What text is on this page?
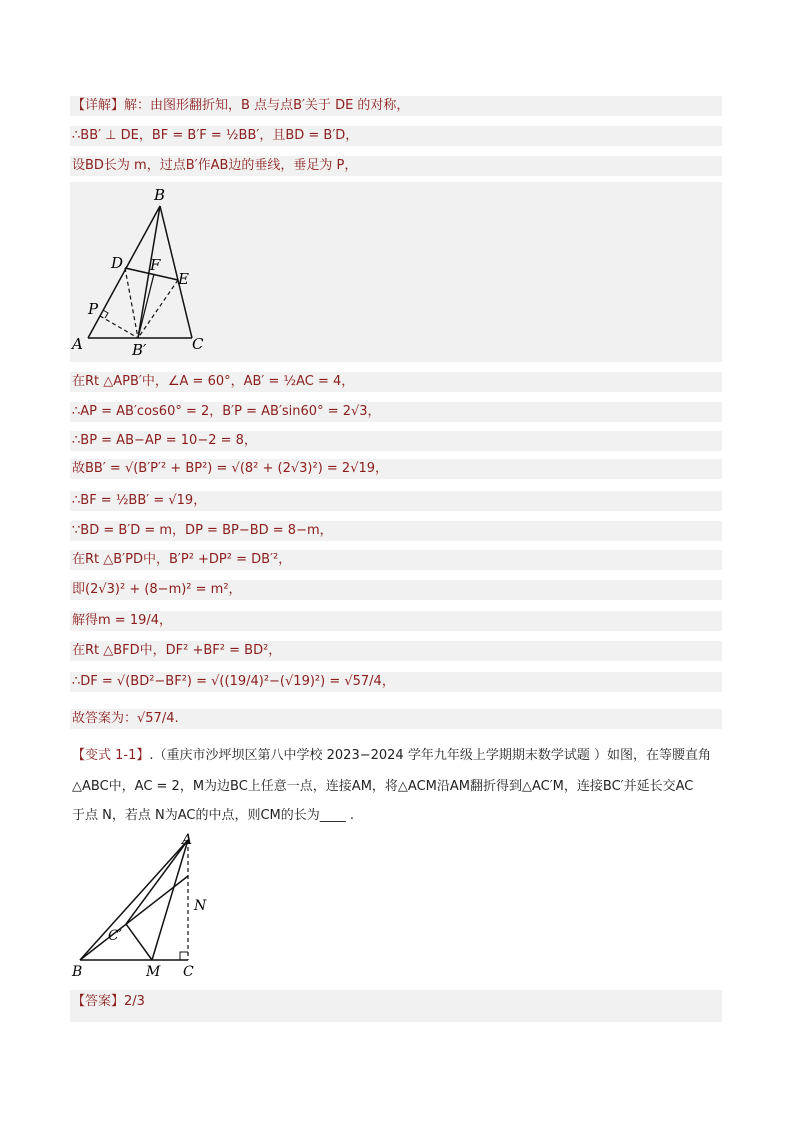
【详解】解：由图形翻折知，B 点与点B′关于 DE 的对称，
∴BB′ ⊥ DE，BF = B′F = ½BB′，且BD = B′D，
设BD长为 m，过点B′作AB边的垂线，垂足为 P，
B
D F
E
P
A	B′	C
在Rt △APB′中，∠A = 60°，AB′ = ½AC = 4，
∴AP = AB′cos60° = 2，B′P = AB′sin60° = 2√3，
∴BP = AB−AP = 10−2 = 8，
故BB′ = √(B′P′² + BP²) = √(8² + (2√3)²) = 2√19，
∴BF = ½BB′ = √19，
∵BD = B′D = m，DP = BP−BD = 8−m，
在Rt △B′PD中，B′P² +DP² = DB′²，
即(2√3)² + (8−m)² = m²，
解得m = 19/4，
在Rt △BFD中，DF² +BF² = BD²，
∴DF = √(BD²−BF²) = √((19/4)²−(√19)²) = √57/4，
故答案为：√57/4.
【变式 1-1】.（重庆市沙坪坝区第八中学校 2023−2024 学年九年级上学期期末数学试题 ）如图，在等腰直角
△ABC中，AC = 2，M为边BC上任意一点，连接AM，将△ACM沿AM翻折得到△AC′M，连接BC′并延长交AC
于点 N，若点 N为AC的中点，则CM的长为____ .
A
N
C′
B	M C
【答案】2/3
